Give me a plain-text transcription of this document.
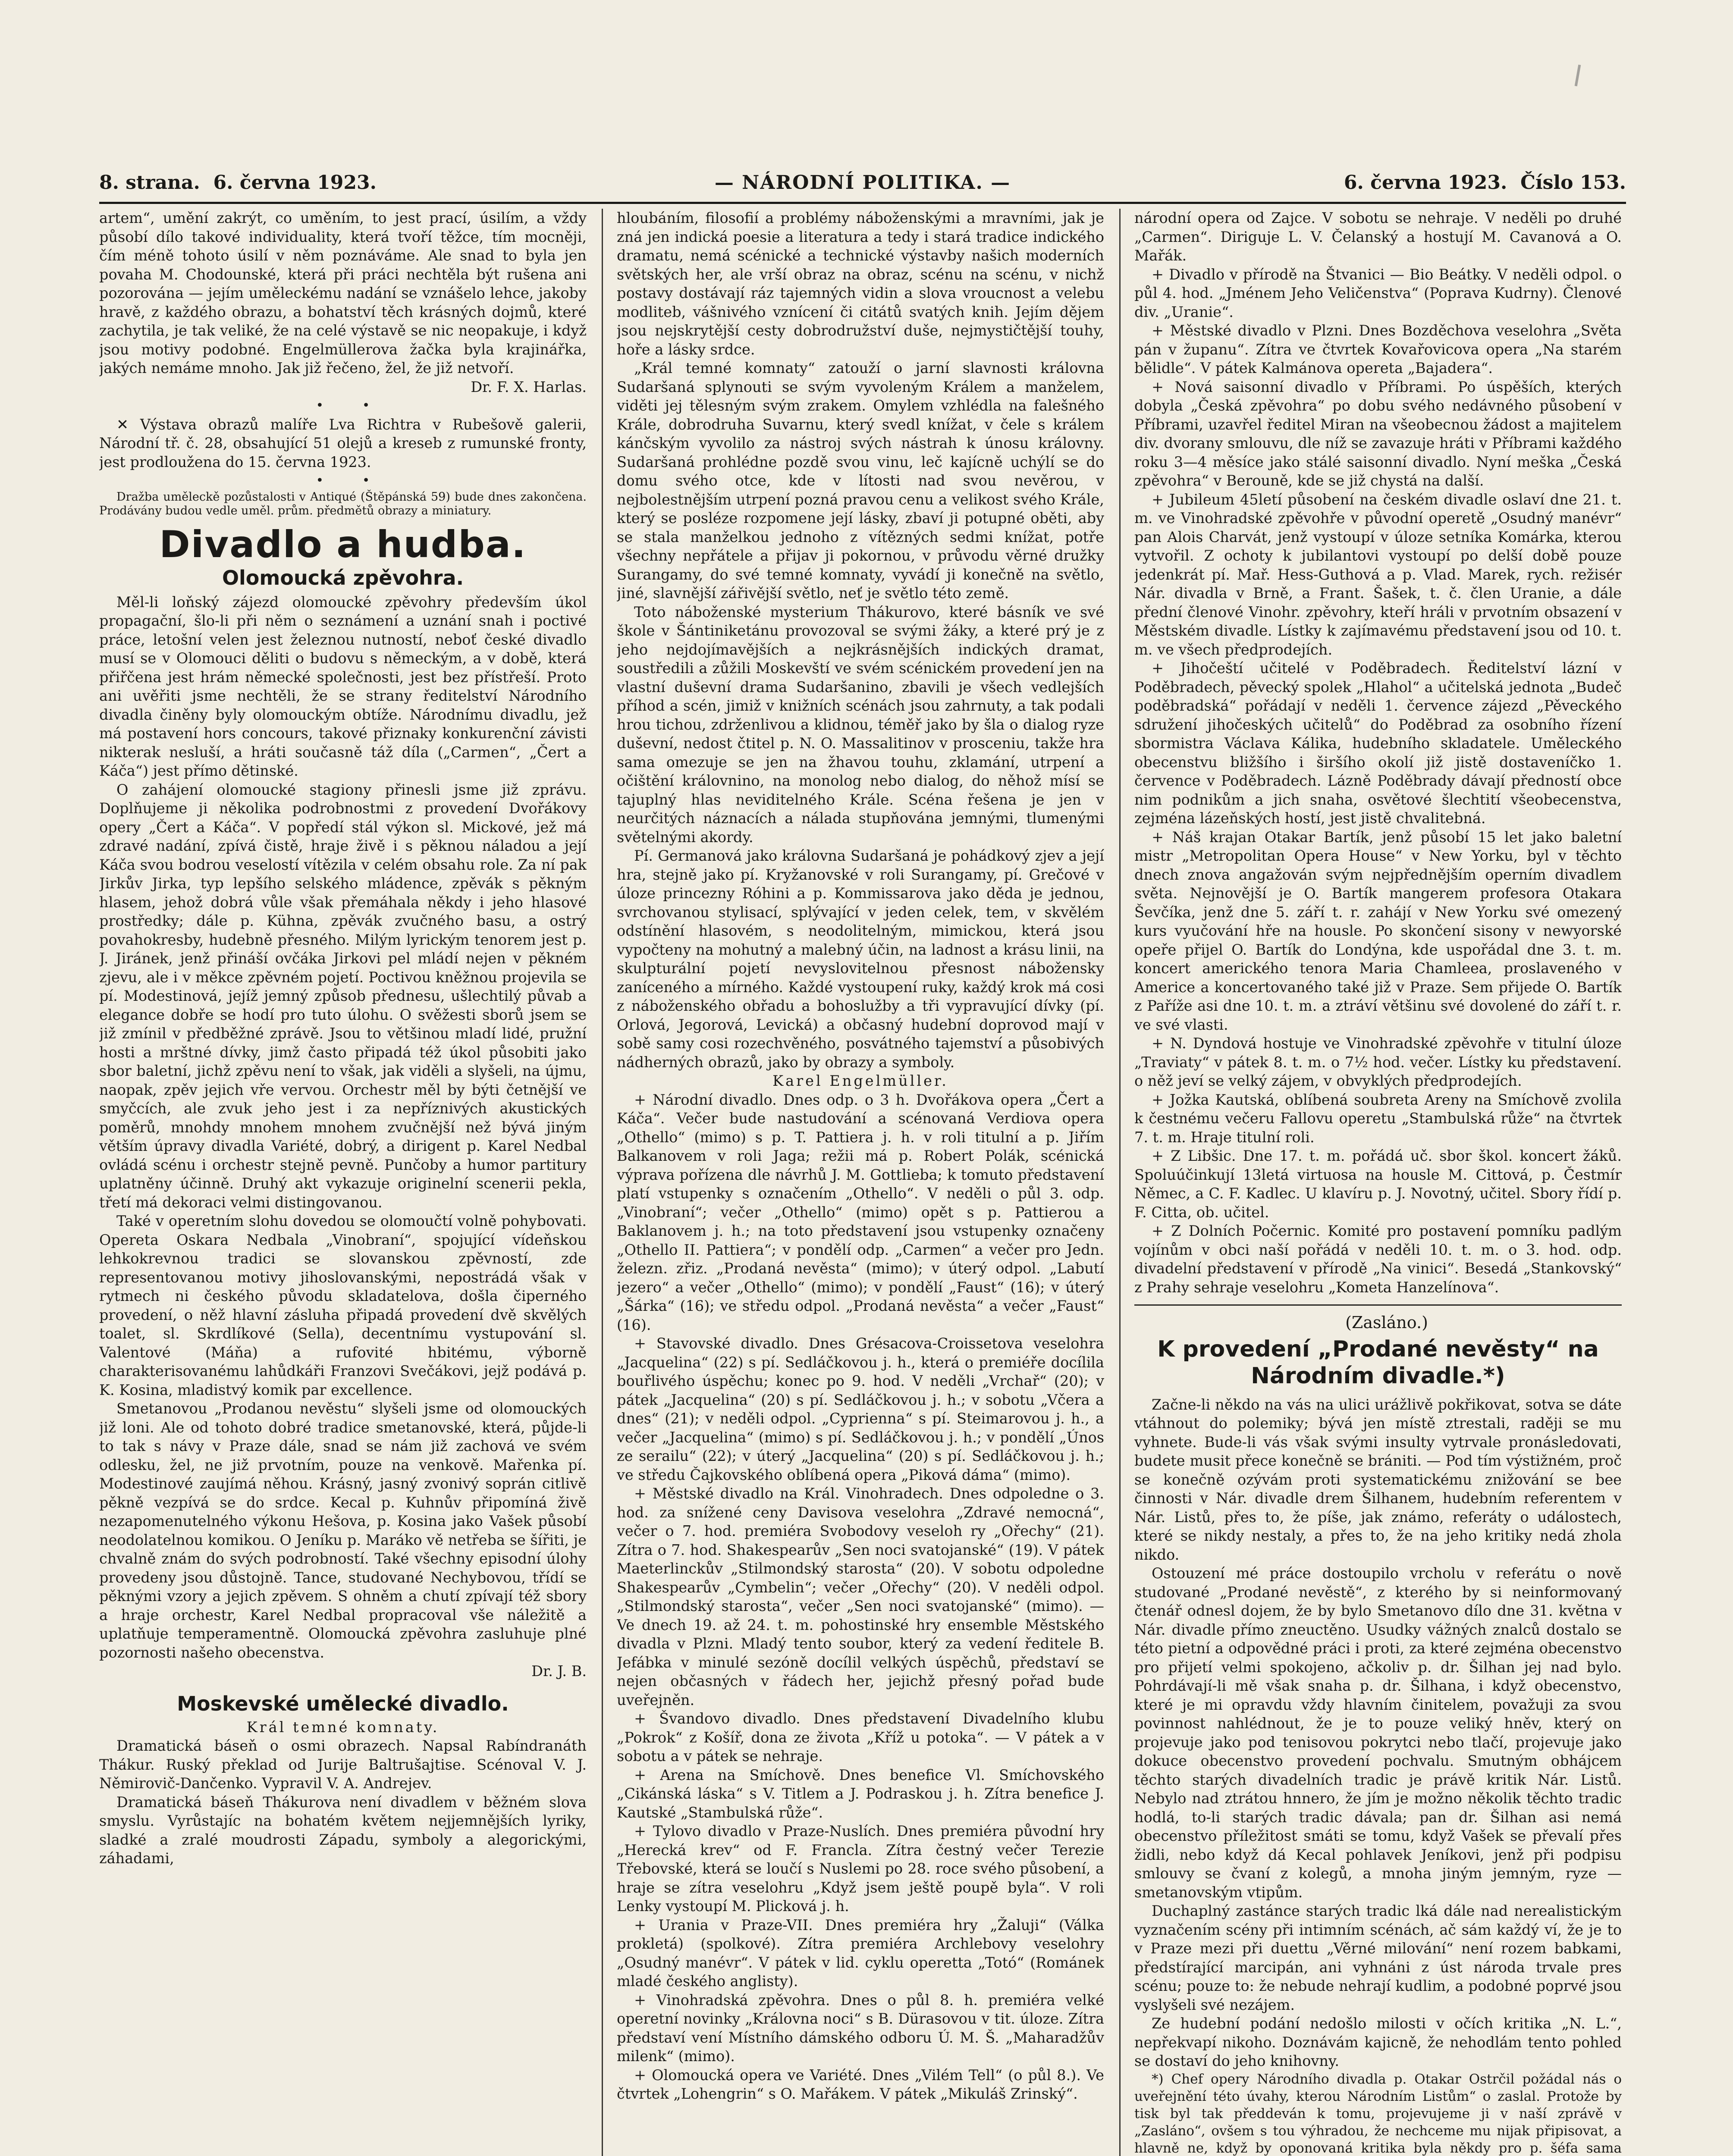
8. strana. 6. června 1923.	— NÁRODNÍ POLITIKA. —	6. června 1923. Číslo 153.

artem“, umění zakrýt, co uměním, to jest prací, úsilím, a vždy působí dílo takové individuality, která tvoří těžce, tím mocněji, čím méně tohoto úsilí v něm poznáváme. Ale snad to byla jen povaha M. Chodounské, která při práci nechtěla být rušena ani pozorována — jejím uměleckému nadání se vznášelo lehce, jakoby hravě, z každého obrazu, a bohatství těch krásných dojmů, které zachytila, je tak veliké, že na celé výstavě se nic neopakuje, i když jsou motivy podobné. Engelmüllerova žačka byla krajinářka, jakých nemáme mnoho. Jak již řečeno, žel, že již netvoří.

Dr. F. X. Harlas.

• •

✕ Výstava obrazů malíře Lva Richtra v Rubešově galerii, Národní tř. č. 28, obsahující 51 olejů a kreseb z rumunské fronty, jest prodloužena do 15. června 1923.

• •

Dražba uměleckě pozůstalosti v Antiqué (Štěpánská 59) bude dnes zakončena. Prodávány budou vedle uměl. prům. předmětů obrazy a miniatury.

Divadlo a hudba.
Olomoucká zpěvohra.

Měl-li loňský zájezd olomoucké zpěvohry především úkol propagační, šlo-li při něm o seznámení a uznání snah i poctivé práce, letošní velen jest železnou nutností, neboť české divadlo musí se v Olomouci děliti o budovu s německým, a v době, která přiřčena jest hrám německé společnosti, jest bez přístřeší. Proto ani uvěřiti jsme nechtěli, že se strany ředitelství Národního divadla činěny byly olomouckým obtíže. Národnímu divadlu, jež má postavení hors concours, takové přiznaky konkurenční závisti nikterak nesluší, a hráti současně táž díla („Carmen“, „Čert a Káča“) jest přímo dětinské.

O zahájení olomoucké stagiony přinesli jsme již zprávu. Doplňujeme ji několika podrobnostmi z provedení Dvořákovy opery „Čert a Káča“. V popředí stál výkon sl. Mickové, jež má zdravé nadání, zpívá čistě, hraje živě i s pěknou náladou a její Káča svou bodrou veselostí vítězila v celém obsahu role. Za ní pak Jirkův Jirka, typ lepšího selského mládence, zpěvák s pěkným hlasem, jehož dobrá vůle však přemáhala někdy i jeho hlasové prostředky; dále p. Kühna, zpěvák zvučného basu, a ostrý povahokresby, hudebně přesného. Milým lyrickým tenorem jest p. J. Jiránek, jenž přináší ovčáka Jirkovi pel mládí nejen v pěkném zjevu, ale i v měkce zpěvném pojetí. Poctivou kněžnou projevila se pí. Modestinová, jejíž jemný způsob přednesu, ušlechtilý půvab a elegance dobře se hodí pro tuto úlohu. O svěžesti sborů jsem se již zmínil v předběžné zprávě. Jsou to většinou mladí lidé, pružní hosti a mrštné dívky, jimž často připadá též úkol působiti jako sbor baletní, jichž zpěvu není to však, jak viděli a slyšeli, na újmu, naopak, zpěv jejich vře vervou. Orchestr měl by býti četnější ve smyčcích, ale zvuk jeho jest i za nepříznivých akustických poměrů, mnohdy mnohem mnohem zvučnější než bývá jiným větším úpravy divadla Variété, dobrý, a dirigent p. Karel Nedbal ovládá scénu i orchestr stejně pevně. Punčoby a humor partitury uplatněny účinně. Druhý akt vykazuje originelní scenerii pekla, třetí má dekoraci velmi distingovanou.

Také v operetním slohu dovedou se olomoučtí volně pohybovati. Opereta Oskara Nedbala „Vinobraní“, spojující vídeňskou lehkokrevnou tradici se slovanskou zpěvností, zde representovanou motivy jihoslovanskými, nepostrádá však v rytmech ni českého původu skladatelova, došla čiperného provedení, o něž hlavní zásluha připadá provedení dvě skvělých toalet, sl. Skrdlíkové (Sella), decentnímu vystupování sl. Valentové (Máňa) a rufovité hbitému, výborně charakterisovanému lahůdkáři Franzovi Svečákovi, jejž podává p. K. Kosina, mladistvý komik par excellence.

Smetanovou „Prodanou nevěstu“ slyšeli jsme od olomouckých již loni. Ale od tohoto dobré tradice smetanovské, která, půjde-li to tak s návy v Praze dále, snad se nám již zachová ve svém odlesku, žel, ne již prvotním, pouze na venkově. Mařenka pí. Modestinové zaujímá něhou. Krásný, jasný zvonivý soprán citlivě pěkně vezpívá se do srdce. Kecal p. Kuhnův připomíná živě nezapomenutelného výkonu Hešova, p. Kosina jako Vašek působí neodolatelnou komikou. O Jeníku p. Maráko vě netřeba se šířiti, je chvalně znám do svých podrobností. Také všechny episodní úlohy provedeny jsou důstojně. Tance, studované Nechybovou, třídí se pěknými vzory a jejich zpěvem. S ohněm a chutí zpívají též sbory a hraje orchestr, Karel Nedbal propracoval vše náležitě a uplatňuje temperamentně. Olomoucká zpěvohra zasluhuje plné pozornosti našeho obecenstva.

Dr. J. B.

Moskevské umělecké divadlo.

Král temné komnaty.

Dramatická báseň o osmi obrazech. Napsal Rabíndranáth Thákur. Ruský překlad od Jurije Baltrušajtise. Scénoval V. J. Němirovič-Dančenko. Vypravil V. A. Andrejev.

Dramatická báseň Thákurova není divadlem v běžném slova smyslu. Vyrůstajíc na bohatém květem nejjemnějších lyriky, sladké a zralé moudrosti Západu, symboly a alegorickými, záhadami,

hloubáním, filosofií a problémy náboženskými a mravními, jak je zná jen indická poesie a literatura a tedy i stará tradice indického dramatu, nemá scénické a technické výstavby našich moderních světských her, ale vrší obraz na obraz, scénu na scénu, v nichž postavy dostávají ráz tajemných vidin a slova vroucnost a velebu modliteb, vášnivého vznícení či citátů svatých knih. Jejím dějem jsou nejskrytější cesty dobrodružství duše, nejmystičtější touhy, hoře a lásky srdce.

„Král temné komnaty“ zatouží o jarní slavnosti královna Sudaršaná splynouti se svým vyvoleným Králem a manželem, viděti jej tělesným svým zrakem. Omylem vzhlédla na falešného Krále, dobrodruha Suvarnu, který svedl knížat, v čele s králem kánčským vyvolilo za nástroj svých nástrah k únosu královny. Sudaršaná prohlédne pozdě svou vinu, leč kajícně uchýlí se do domu svého otce, kde v lítosti nad svou nevěrou, v nejbolestnějším utrpení pozná pravou cenu a velikost svého Krále, který se posléze rozpomene její lásky, zbaví ji potupné oběti, aby se stala manželkou jednoho z vítězných sedmi knížat, potře všechny nepřátele a přijav ji pokornou, v průvodu věrné družky Surangamy, do své temné komnaty, vyvádí ji konečně na světlo, jiné, slavnější zářivější světlo, neť je světlo této země.

Toto náboženské mysterium Thákurovo, které básník ve své škole v Šántiniketánu provozoval se svými žáky, a které prý je z jeho nejdojímavějších a nejkrásnějších indických dramat, soustředili a zůžili Moskevští ve svém scénickém provedení jen na vlastní duševní drama Sudaršanino, zbavili je všech vedlejších příhod a scén, jimiž v knižních scénách jsou zahrnuty, a tak podali hrou tichou, zdrženlivou a klidnou, téměř jako by šla o dialog ryze duševní, nedost čtitel p. N. O. Massalitinov v prosceniu, takže hra sama omezuje se jen na žhavou touhu, zklamání, utrpení a očištění královnino, na monolog nebo dialog, do něhož mísí se tajuplný hlas neviditelného Krále. Scéna řešena je jen v neurčitých náznacích a nálada stupňována jemnými, tlumenými světelnými akordy.

Pí. Germanová jako královna Sudaršaná je pohádkový zjev a její hra, stejně jako pí. Kryžanovské v roli Surangamy, pí. Grečové v úloze princezny Róhini a p. Kommissarova jako děda je jednou, svrchovanou stylisací, splývající v jeden celek, tem, v skvělém odstínění hlasovém, s neodolitelným, mimickou, která jsou vypočteny na mohutný a malebný účin, na ladnost a krásu linii, na skulpturální pojetí nevyslovitelnou přesnost nábožensky zaníceného a mírného. Každé vystoupení ruky, každý krok má cosi z náboženského obřadu a bohoslužby a tři vypravující dívky (pí. Orlová, Jegorová, Levická) a občasný hudební doprovod mají v sobě samy cosi rozechvěného, posvátného tajemství a působivých nádherných obrazů, jako by obrazy a symboly.

Karel Engelmüller.

+ Národní divadlo. Dnes odp. o 3 h. Dvořákova opera „Čert a Káča“. Večer bude nastudování a scénovaná Verdiova opera „Othello“ (mimo) s p. T. Pattiera j. h. v roli titulní a p. Jiřím Balkanovem v roli Jaga; režii má p. Robert Polák, scénická výprava pořízena dle návrhů J. M. Gottlieba; k tomuto představení platí vstupenky s označením „Othello“. V neděli o půl 3. odp. „Vinobraní“; večer „Othello“ (mimo) opět s p. Pattierou a Baklanovem j. h.; na toto představení jsou vstupenky označeny „Othello II. Pattiera“; v pondělí odp. „Carmen“ a večer pro Jedn. železn. zřiz. „Prodaná nevěsta“ (mimo); v úterý odpol. „Labutí jezero“ a večer „Othello“ (mimo); v pondělí „Faust“ (16); v úterý „Šárka“ (16); ve středu odpol. „Prodaná nevěsta“ a večer „Faust“ (16).

+ Stavovské divadlo. Dnes Grésacova-Croissetova veselohra „Jacquelina“ (22) s pí. Sedláčkovou j. h., která o premiéře docílila bouřlivého úspěchu; konec po 9. hod. V neděli „Vrchař“ (20); v pátek „Jacquelina“ (20) s pí. Sedláčkovou j. h.; v sobotu „Včera a dnes“ (21); v neděli odpol. „Cyprienna“ s pí. Steimarovou j. h., a večer „Jacquelina“ (mimo) s pí. Sedláčkovou j. h.; v pondělí „Únos ze serailu“ (22); v úterý „Jacquelina“ (20) s pí. Sedláčkovou j. h.; ve středu Čajkovského oblíbená opera „Piková dáma“ (mimo).

+ Městské divadlo na Král. Vinohradech. Dnes odpoledne o 3. hod. za snížené ceny Davisova veselohra „Zdravé nemocná“, večer o 7. hod. premiéra Svobodovy veseloh ry „Ořechy“ (21). Zítra o 7. hod. Shakespearův „Sen noci svatojanské“ (19). V pátek Maeterlinckův „Stilmondský starosta“ (20). V sobotu odpoledne Shakespearův „Cymbelin“; večer „Ořechy“ (20). V neděli odpol. „Stilmondský starosta“, večer „Sen noci svatojanské“ (mimo). — Ve dnech 19. až 24. t. m. pohostinské hry ensemble Městského divadla v Plzni. Mladý tento soubor, který za vedení ředitele B. Jefábka v minulé sezóně docílil velkých úspěchů, představí se nejen občasných v řádech her, jejichž přesný pořad bude uveřejněn.

+ Švandovo divadlo. Dnes představení Divadelního klubu „Pokrok“ z Košíř, dona ze života „Kříž u potoka“. — V pátek a v sobotu a v pátek se nehraje.

+ Arena na Smíchově. Dnes benefice Vl. Smíchovského „Cikánská láska“ s V. Titlem a J. Podraskou j. h. Zítra benefice J. Kautské „Stambulská růže“.

+ Tylovo divadlo v Praze-Nuslích. Dnes premiéra původní hry „Herecká krev“ od F. Francla. Zítra čestný večer Terezie Třebovské, která se loučí s Nuslemi po 28. roce svého působení, a hraje se zítra veselohru „Když jsem ještě poupě byla“. V roli Lenky vystoupí M. Plicková j. h.

+ Urania v Praze-VII. Dnes premiéra hry „Žaluji“ (Válka prokletá) (spolkové). Zítra premiéra Archlebovy veselohry „Osudný manévr“. V pátek v lid. cyklu operetta „Totó“ (Románek mladé českého anglisty).

+ Vinohradská zpěvohra. Dnes o půl 8. h. premiéra velké operetní novinky „Královna noci“ s B. Dürasovou v tit. úloze. Zítra představí vení Místního dámského odboru Ú. M. Š. „Maharadžův milenk“ (mimo).

+ Olomoucká opera ve Variété. Dnes „Vilém Tell“ (o půl 8.). Ve čtvrtek „Lohengrin“ s O. Mařákem. V pátek „Mikuláš Zrinský“.

národní opera od Zajce. V sobotu se nehraje. V neděli po druhé „Carmen“. Diriguje L. V. Čelanský a hostují M. Cavanová a O. Mařák.

+ Divadlo v přírodě na Štvanici — Bio Beátky. V neděli odpol. o půl 4. hod. „Jménem Jeho Veličenstva“ (Poprava Kudrny). Členové div. „Uranie“.

+ Městské divadlo v Plzni. Dnes Bozděchova veselohra „Světa pán v županu“. Zítra ve čtvrtek Kovařovicova opera „Na starém bělidle“. V pátek Kalmánova opereta „Bajadera“.

+ Nová saisonní divadlo v Příbrami. Po úspěších, kterých dobyla „Česká zpěvohra“ po dobu svého nedávného působení v Příbrami, uzavřel ředitel Miran na všeobecnou žádost a majitelem div. dvorany smlouvu, dle níž se zavazuje hráti v Příbrami každého roku 3—4 měsíce jako stálé saisonní divadlo. Nyní meška „Česká zpěvohra“ v Berouně, kde se již chystá na další.

+ Jubileum 45letí působení na českém divadle oslaví dne 21. t. m. ve Vinohradské zpěvohře v původní operetě „Osudný manévr“ pan Alois Charvát, jenž vystoupí v úloze setníka Komárka, kterou vytvořil. Z ochoty k jubilantovi vystoupí po delší době pouze jedenkrát pí. Mař. Hess-Guthová a p. Vlad. Marek, rych. režisér Nár. divadla v Brně, a Frant. Šašek, t. č. člen Uranie, a dále přední členové Vinohr. zpěvohry, kteří hráli v prvotním obsazení v Městském divadle. Lístky k zajímavému představení jsou od 10. t. m. ve všech předprodejích.

+ Jihočeští učitelé v Poděbradech. Ředitelství lázní v Poděbradech, pěvecký spolek „Hlahol“ a učitelská jednota „Budeč poděbradská“ pořádají v neděli 1. července zájezd „Pěveckého sdružení jihočeských učitelů“ do Poděbrad za osobního řízení sbormistra Václava Kálika, hudebního skladatele. Uměleckého obecenstvu bližšího i širšího okolí již jistě dostaveníčko 1. července v Poděbradech. Lázně Poděbrady dávají předností obce nim podnikům a jich snaha, osvětové šlechtití všeobecenstva, zejména lázeňských hostí, jest jistě chvalitebná.

+ Náš krajan Otakar Bartík, jenž působí 15 let jako baletní mistr „Metropolitan Opera House“ v New Yorku, byl v těchto dnech znova angažován svým nejpřednějším operním divadlem světa. Nejnovější je O. Bartík mangerem profesora Otakara Ševčíka, jenž dne 5. září t. r. zahájí v New Yorku své omezený kurs vyučování hře na housle. Po skončení sisony v newyorské opeře přijel O. Bartík do Londýna, kde uspořádal dne 3. t. m. koncert amerického tenora Maria Chamleea, proslaveného v Americe a koncertovaného také již v Praze. Sem přijede O. Bartík z Paříže asi dne 10. t. m. a ztráví většinu své dovolené do září t. r. ve své vlasti.

+ N. Dyndová hostuje ve Vinohradské zpěvohře v titulní úloze „Traviaty“ v pátek 8. t. m. o 7½ hod. večer. Lístky ku představení. o něž jeví se velký zájem, v obvyklých předprodejích.

+ Jožka Kautská, oblíbená soubreta Areny na Smíchově zvolila k čestnému večeru Fallovu operetu „Stambulská růže“ na čtvrtek 7. t. m. Hraje titulní roli.

+ Z Libšic. Dne 17. t. m. pořádá uč. sbor škol. koncert žáků. Spoluúčinkují 13letá virtuosa na housle M. Cittová, p. Čestmír Němec, a C. F. Kadlec. U klavíru p. J. Novotný, učitel. Sbory řídí p. F. Citta, ob. učitel.

+ Z Dolních Počernic. Komité pro postavení pomníku padlým vojínům v obci naší pořádá v neděli 10. t. m. o 3. hod. odp. divadelní představení v přírodě „Na vinici“. Besedá „Stankovský“ z Prahy sehraje veselohru „Kometa Hanzelínova“.

(Zasláno.)

K provedení „Prodané nevěsty“ na Národním divadle.*)

Začne-li někdo na vás na ulici urážlivě pokřikovat, sotva se dáte vtáhnout do polemiky; bývá jen místě ztrestali, raději se mu vyhnete. Bude-li vás však svými insulty vytrvale pronásledovati, budete musit přece konečně se brániti. — Pod tím výstižném, proč se konečně ozývám proti systematickému znižování se bee činnosti v Nár. divadle drem Šilhanem, hudebním referentem v Nár. Listů, přes to, že píše, jak známo, referáty o událostech, které se nikdy nestaly, a přes to, že na jeho kritiky nedá zhola nikdo.

Ostouzení mé práce dostoupilo vrcholu v referátu o nově studované „Prodané nevěstě“, z kterého by si neinformovaný čtenář odnesl dojem, že by bylo Smetanovo dílo dne 31. května v Nár. divadle přímo zneuctěno. Usudky vážných znalců dostalo se této pietní a odpovědné práci i proti, za které zejména obecenstvo pro přijetí velmi spokojeno, ačkoliv p. dr. Šilhan jej nad bylo. Pohrdávají-li mě však snaha p. dr. Šilhana, i když obecenstvo, které je mi opravdu vždy hlavním činitelem, považuji za svou povinnost nahlédnout, že je to pouze veliký hněv, který on projevuje jako pod tenisovou pokrytci nebo tlačí, projevuje jako dokuce obecenstvo provedení pochvalu. Smutným obhájcem těchto starých divadelních tradic je právě kritik Nár. Listů. Nebylo nad ztrátou hnnero, že jím je možno několik těchto tradic hodlá, to-li starých tradic dávala; pan dr. Šilhan asi nemá obecenstvo příležitost smáti se tomu, když Vašek se převalí přes židli, nebo když dá Kecal pohlavek Jeníkovi, jenž při podpisu smlouvy se čvaní z kolegů, a mnoha jiným jemným, ryze — smetanovským vtipům.

Duchaplný zastánce starých tradic lká dále nad nerealistickým vyznačením scény při intimním scénách, ač sám každý ví, že je to v Praze mezi při duettu „Věrné milování“ není rozem babkami, předstírající marcipán, ani vyhnáni z úst národa trvale pres scénu; pouze to: že nebude nehrají kudlim, a podobné poprvé jsou vyslyšeli své nezájem.

Ze hudební podání nedošlo milosti v očích kritika „N. L.“, nepřekvapí nikoho. Doznávám kajicně, že nehodlám tento pohled se dostaví do jeho knihovny.

*) Chef opery Národního divadla p. Otakar Ostrčil požádal nás o uveřejnění této úvahy, kterou Národním Listům“ o zaslal. Protože by tisk byl tak předdeván k tomu, projevujeme ji v naší zprávě v „Zasláno“, ovšem s tou výhradou, že nechceme mu nijak připisovat, a hlavně ne, když by oponovaná kritika byla někdy pro p. šéfa sama
